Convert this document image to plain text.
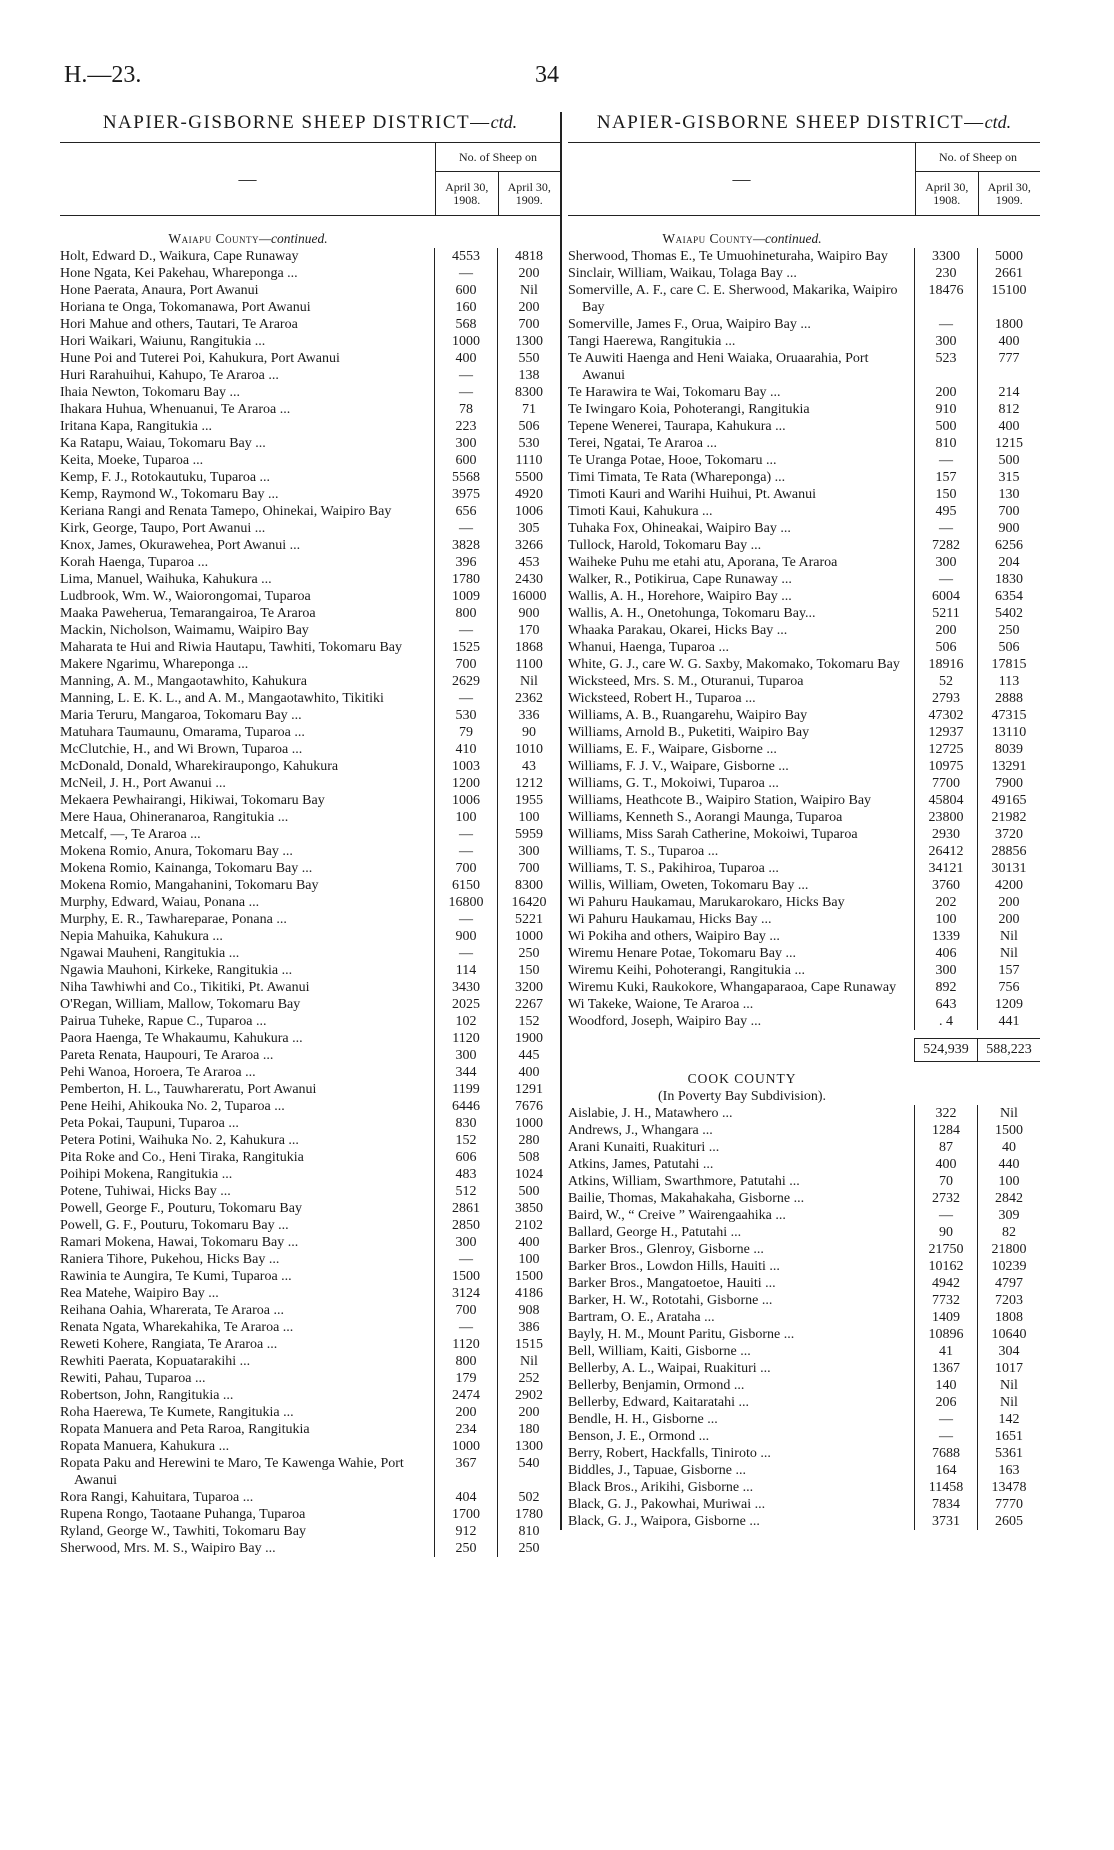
H.—23.	34
NAPIER-GISBORNE SHEEP DISTRICT—ctd.
—
No. of Sheep on
April 30, 1908.
April 30, 1909.
Waiapu County—continued.
Holt, Edward D., Waikura, Cape Runaway	4553	4818
Hone Ngata, Kei Pakehau, Whareponga ...	—	200
Hone Paerata, Anaura, Port Awanui	600	Nil
Horiana te Onga, Tokomanawa, Port Awanui	160	200
Hori Mahue and others, Tautari, Te Araroa	568	700
Hori Waikari, Waiunu, Rangitukia ...	1000	1300
Hune Poi and Tuterei Poi, Kahukura, Port Awanui	400	550
Huri Rarahuihui, Kahupo, Te Araroa ...	—	138
Ihaia Newton, Tokomaru Bay ...	—	8300
Ihakara Huhua, Whenuanui, Te Araroa ...	78	71
Iritana Kapa, Rangitukia ...	223	506
Ka Ratapu, Waiau, Tokomaru Bay ...	300	530
Keita, Moeke, Tuparoa ...	600	1110
Kemp, F. J., Rotokautuku, Tuparoa ...	5568	5500
Kemp, Raymond W., Tokomaru Bay ...	3975	4920
Keriana Rangi and Renata Tamepo, Ohinekai, Waipiro Bay	656	1006
Kirk, George, Taupo, Port Awanui ...	—	305
Knox, James, Okurawehea, Port Awanui ...	3828	3266
Korah Haenga, Tuparoa ...	396	453
Lima, Manuel, Waihuka, Kahukura ...	1780	2430
Ludbrook, Wm. W., Waiorongomai, Tuparoa	1009	16000
Maaka Paweherua, Temarangairoa, Te Araroa	800	900
Mackin, Nicholson, Waimamu, Waipiro Bay	—	170
Maharata te Hui and Riwia Hautapu, Tawhiti, Tokomaru Bay	1525	1868
Makere Ngarimu, Whareponga ...	700	1100
Manning, A. M., Mangaotawhito, Kahukura	2629	Nil
Manning, L. E. K. L., and A. M., Mangaotawhito, Tikitiki	—	2362
Maria Teruru, Mangaroa, Tokomaru Bay ...	530	336
Matuhara Taumaunu, Omarama, Tuparoa ...	79	90
McClutchie, H., and Wi Brown, Tuparoa ...	410	1010
McDonald, Donald, Wharekiraupongo, Kahukura	1003	43
McNeil, J. H., Port Awanui ...	1200	1212
Mekaera Pewhairangi, Hikiwai, Tokomaru Bay	1006	1955
Mere Haua, Ohineranaroa, Rangitukia ...	100	100
Metcalf, —, Te Araroa ...	—	5959
Mokena Romio, Anura, Tokomaru Bay ...	—	300
Mokena Romio, Kainanga, Tokomaru Bay ...	700	700
Mokena Romio, Mangahanini, Tokomaru Bay	6150	8300
Murphy, Edward, Waiau, Ponana ...	16800	16420
Murphy, E. R., Tawhareparae, Ponana ...	—	5221
Nepia Mahuika, Kahukura ...	900	1000
Ngawai Mauheni, Rangitukia ...	—	250
Ngawia Mauhoni, Kirkeke, Rangitukia ...	114	150
Niha Tawhiwhi and Co., Tikitiki, Pt. Awanui	3430	3200
O'Regan, William, Mallow, Tokomaru Bay	2025	2267
Pairua Tuheke, Rapue C., Tuparoa ...	102	152
Paora Haenga, Te Whakaumu, Kahukura ...	1120	1900
Pareta Renata, Haupouri, Te Araroa ...	300	445
Pehi Wanoa, Horoera, Te Araroa ...	344	400
Pemberton, H. L., Tauwhareratu, Port Awanui	1199	1291
Pene Heihi, Ahikouka No. 2, Tuparoa ...	6446	7676
Peta Pokai, Taupuni, Tuparoa ...	830	1000
Petera Potini, Waihuka No. 2, Kahukura ...	152	280
Pita Roke and Co., Heni Tiraka, Rangitukia	606	508
Poihipi Mokena, Rangitukia ...	483	1024
Potene, Tuhiwai, Hicks Bay ...	512	500
Powell, George F., Pouturu, Tokomaru Bay	2861	3850
Powell, G. F., Pouturu, Tokomaru Bay ...	2850	2102
Ramari Mokena, Hawai, Tokomaru Bay ...	300	400
Raniera Tihore, Pukehou, Hicks Bay ...	—	100
Rawinia te Aungira, Te Kumi, Tuparoa ...	1500	1500
Rea Matehe, Waipiro Bay ...	3124	4186
Reihana Oahia, Wharerata, Te Araroa ...	700	908
Renata Ngata, Wharekahika, Te Araroa ...	—	386
Reweti Kohere, Rangiata, Te Araroa ...	1120	1515
Rewhiti Paerata, Kopuatarakihi ...	800	Nil
Rewiti, Pahau, Tuparoa ...	179	252
Robertson, John, Rangitukia ...	2474	2902
Roha Haerewa, Te Kumete, Rangitukia ...	200	200
Ropata Manuera and Peta Raroa, Rangitukia	234	180
Ropata Manuera, Kahukura ...	1000	1300
Ropata Paku and Herewini te Maro, Te Kawenga Wahie, Port Awanui
367	540
Rora Rangi, Kahuitara, Tuparoa ...	404	502
Rupena Rongo, Taotaane Puhanga, Tuparoa	1700	1780
Ryland, George W., Tawhiti, Tokomaru Bay	912	810
Sherwood, Mrs. M. S., Waipiro Bay ...	250	250
NAPIER-GISBORNE SHEEP DISTRICT—ctd.
—
No. of Sheep on
April 30, 1908.
April 30, 1909.
Waiapu County—continued.
Sherwood, Thomas E., Te Umuohineturaha, Waipiro Bay	3300	5000
Sinclair, William, Waikau, Tolaga Bay ...	230	2661
Somerville, A. F., care C. E. Sherwood, Makarika, Waipiro Bay
18476	15100
Somerville, James F., Orua, Waipiro Bay ...	—	1800
Tangi Haerewa, Rangitukia ...	300	400
Te Auwiti Haenga and Heni Waiaka, Oruaarahia, Port Awanui
523	777
Te Harawira te Wai, Tokomaru Bay ...	200	214
Te Iwingaro Koia, Pohoterangi, Rangitukia	910	812
Tepene Wenerei, Taurapa, Kahukura ...	500	400
Terei, Ngatai, Te Araroa ...	810	1215
Te Uranga Potae, Hooe, Tokomaru ...	—	500
Timi Timata, Te Rata (Whareponga) ...	157	315
Timoti Kauri and Warihi Huihui, Pt. Awanui	150	130
Timoti Kaui, Kahukura ...	495	700
Tuhaka Fox, Ohineakai, Waipiro Bay ...	—	900
Tullock, Harold, Tokomaru Bay ...	7282	6256
Waiheke Puhu me etahi atu, Aporana, Te Araroa	300	204
Walker, R., Potikirua, Cape Runaway ...	—	1830
Wallis, A. H., Horehore, Waipiro Bay ...	6004	6354
Wallis, A. H., Onetohunga, Tokomaru Bay...	5211	5402
Whaaka Parakau, Okarei, Hicks Bay ...	200	250
Whanui, Haenga, Tuparoa ...	506	506
White, G. J., care W. G. Saxby, Makomako, Tokomaru Bay	18916	17815
Wicksteed, Mrs. S. M., Oturanui, Tuparoa	52	113
Wicksteed, Robert H., Tuparoa ...	2793	2888
Williams, A. B., Ruangarehu, Waipiro Bay	47302	47315
Williams, Arnold B., Puketiti, Waipiro Bay	12937	13110
Williams, E. F., Waipare, Gisborne ...	12725	8039
Williams, F. J. V., Waipare, Gisborne ...	10975	13291
Williams, G. T., Mokoiwi, Tuparoa ...	7700	7900
Williams, Heathcote B., Waipiro Station, Waipiro Bay	45804	49165
Williams, Kenneth S., Aorangi Maunga, Tuparoa	23800	21982
Williams, Miss Sarah Catherine, Mokoiwi, Tuparoa	2930	3720
Williams, T. S., Tuparoa ...	26412	28856
Williams, T. S., Pakihiroa, Tuparoa ...	34121	30131
Willis, William, Oweten, Tokomaru Bay ...	3760	4200
Wi Pahuru Haukamau, Marukarokaro, Hicks Bay	202	200
Wi Pahuru Haukamau, Hicks Bay ...	100	200
Wi Pokiha and others, Waipiro Bay ...	1339	Nil
Wiremu Henare Potae, Tokomaru Bay ...	406	Nil
Wiremu Keihi, Pohoterangi, Rangitukia ...	300	157
Wiremu Kuki, Raukokore, Whangaparaoa, Cape Runaway	892	756
Wi Takeke, Waione, Te Araroa ...	643	1209
Woodford, Joseph, Waipiro Bay ...	. 4	441
524,939	588,223
COOK COUNTY
(In Poverty Bay Subdivision).
Aislabie, J. H., Matawhero ...	322	Nil
Andrews, J., Whangara ...	1284	1500
Arani Kunaiti, Ruakituri ...	87	40
Atkins, James, Patutahi ...	400	440
Atkins, William, Swarthmore, Patutahi ...	70	100
Bailie, Thomas, Makahakaha, Gisborne ...	2732	2842
Baird, W., “ Creive ” Wairengaahika ...	—	309
Ballard, George H., Patutahi ...	90	82
Barker Bros., Glenroy, Gisborne ...	21750	21800
Barker Bros., Lowdon Hills, Hauiti ...	10162	10239
Barker Bros., Mangatoetoe, Hauiti ...	4942	4797
Barker, H. W., Rototahi, Gisborne ...	7732	7203
Bartram, O. E., Arataha ...	1409	1808
Bayly, H. M., Mount Paritu, Gisborne ...	10896	10640
Bell, William, Kaiti, Gisborne ...	41	304
Bellerby, A. L., Waipai, Ruakituri ...	1367	1017
Bellerby, Benjamin, Ormond ...	140	Nil
Bellerby, Edward, Kaitaratahi ...	206	Nil
Bendle, H. H., Gisborne ...	—	142
Benson, J. E., Ormond ...	—	1651
Berry, Robert, Hackfalls, Tiniroto ...	7688	5361
Biddles, J., Tapuae, Gisborne ...	164	163
Black Bros., Arikihi, Gisborne ...	11458	13478
Black, G. J., Pakowhai, Muriwai ...	7834	7770
Black, G. J., Waipora, Gisborne ...	3731	2605
